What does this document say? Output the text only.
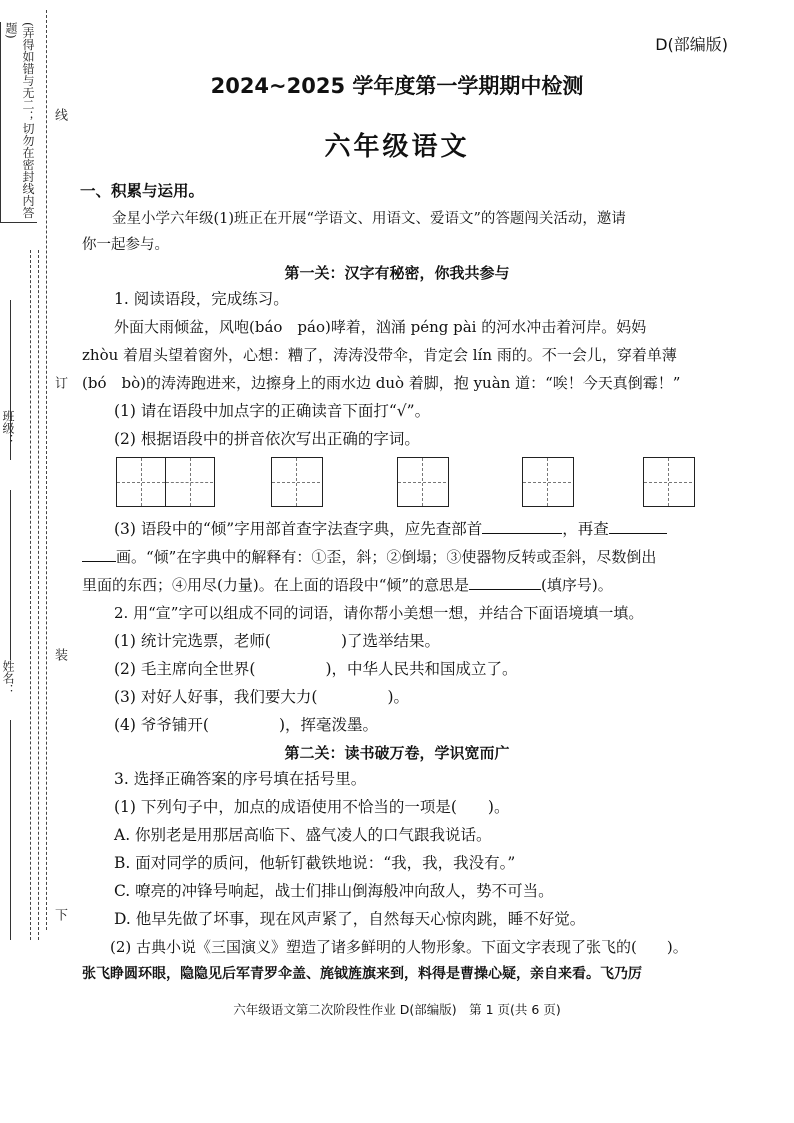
(弄得如错与无二；切勿在密封线内答题)
班级：
姓名：
线
订
装
下
D(部编版)
2024~2025 学年度第一学期期中检测
六年级语文
一、积累与运用。
金星小学六年级(1)班正在开展“学语文、用语文、爱语文”的答题闯关活动，邀请
你一起参与。
第一关：汉字有秘密，你我共参与
1. 阅读语段，完成练习。
外面大雨倾盆，风咆(báo　páo)哮着，汹涌 péng pài 的河水冲击着河岸。妈妈
zhòu 着眉头望着窗外，心想：糟了，涛涛没带伞，肯定会 lín 雨的。不一会儿，穿着单薄
(bó　bò)的涛涛跑进来，边擦身上的雨水边 duò 着脚，抱 yuàn 道：“唉！今天真倒霉！”
(1) 请在语段中加点字的正确读音下面打“√”。
(2) 根据语段中的拼音依次写出正确的字词。
(3) 语段中的“倾”字用部首查字法查字典，应先查部首	，再查
画。“倾”在字典中的解释有：①歪，斜；②倒塌；③使器物反转或歪斜，尽数倒出
里面的东西；④用尽(力量)。在上面的语段中“倾”的意思是	(填序号)。
2. 用“宣”字可以组成不同的词语，请你帮小美想一想，并结合下面语境填一填。
(1) 统计完选票，老师(	)了选举结果。
(2) 毛主席向全世界(	)，中华人民共和国成立了。
(3) 对好人好事，我们要大力(	)。
(4) 爷爷铺开(	)，挥毫泼墨。
第二关：读书破万卷，学识宽而广
3. 选择正确答案的序号填在括号里。
(1) 下列句子中，加点的成语使用不恰当的一项是(　　)。
A. 你别老是用那居高临下、盛气凌人的口气跟我说话。
B. 面对同学的质问，他斩钉截铁地说：“我，我，我没有。”
C. 嘹亮的冲锋号响起，战士们排山倒海般冲向敌人，势不可当。
D. 他早先做了坏事，现在风声紧了，自然每天心惊肉跳，睡不好觉。
(2) 古典小说《三国演义》塑造了诸多鲜明的人物形象。下面文字表现了张飞的(　　)。
张飞睁圆环眼，隐隐见后军青罗伞盖、旄钺旌旗来到，料得是曹操心疑，亲自来看。飞乃厉
六年级语文第二次阶段性作业 D(部编版)　第 1 页(共 6 页)
